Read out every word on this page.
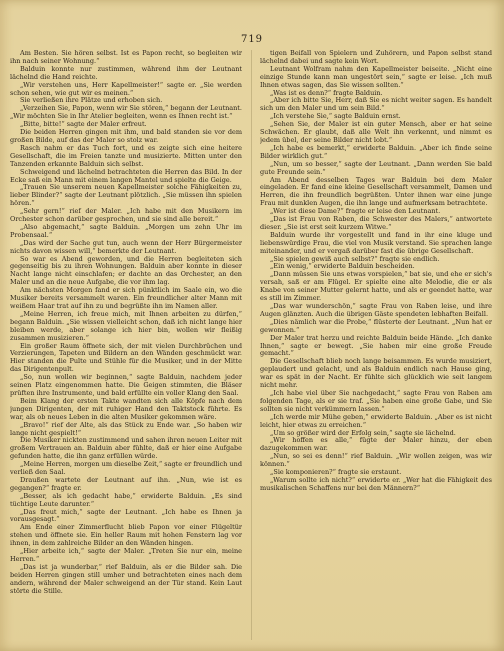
719

Am Besten. Sie hören selbst. Ist es Papon recht, so begleiten wir ihn nach seiner Wohnung.“

Balduin konnte nur zustimmen, während ihm der Leutnant lächelnd die Hand reichte.

„Wir verstehen uns, Herr Kapellmeister!“ sagte er. „Sie werden schon sehen, wie gut wir es meinen.“

Sie verließen ihre Plätze und erhoben sich.

„Verzeihen Sie, Papon, wenn wir Sie stören,“ begann der Leutnant. „Wir möchten Sie in Ihr Atelier begleiten, wenn es Ihnen recht ist.“

„Bitte, bitte!“ sagte der Maler erfreut.

Die beiden Herren gingen mit ihm, und bald standen sie vor dem großen Bilde, auf das der Maler so stolz war.

Rasch nahm er das Tuch fort, und es zeigte sich eine heitere Gesellschaft, die im Freien tanzte und musizierte. Mitten unter den Tanzenden erkannte Balduin sich selbst.

Schweigend und lächelnd betrachteten die Herren das Bild. In der Ecke saß ein Mann mit einem langen Mantel und spielte die Geige.

„Trauen Sie unserem neuen Kapellmeister solche Fähigkeiten zu, lieber Blinder?“ sagte der Leutnant plötzlich. „Sie müssen ihn spielen hören.“

„Sehr gern!“ rief der Maler. „Ich habe mit den Musikern im Orchester schon darüber gesprochen, und sie sind alle bereit.“

„Also abgemacht,“ sagte Balduin. „Morgen um zehn Uhr im Probensaal.“

„Das wird der Sache gut tun, auch wenn der Herr Bürgermeister nichts davon wissen will,“ bemerkte der Leutnant.

So war es Abend geworden, und die Herren begleiteten sich gegenseitig bis zu ihren Wohnungen. Balduin aber konnte in dieser Nacht lange nicht einschlafen; er dachte an das Orchester, an den Maler und an die neue Aufgabe, die vor ihm lag.

Am nächsten Morgen fand er sich pünktlich im Saale ein, wo die Musiker bereits versammelt waren. Ein freundlicher alter Mann mit weißem Haar trat auf ihn zu und begrüßte ihn im Namen aller.

„Meine Herren, ich freue mich, mit Ihnen arbeiten zu dürfen,“ begann Balduin. „Sie wissen vielleicht schon, daß ich nicht lange hier bleiben werde, aber solange ich hier bin, wollen wir fleißig zusammen musizieren.“

Ein großer Raum öffnete sich, der mit vielen Durchbrüchen und Verzierungen, Tapeten und Bildern an den Wänden geschmückt war. Hier standen die Pulte und Stühle für die Musiker, und in der Mitte das Dirigentenpult.

„So, nun wollen wir beginnen,“ sagte Balduin, nachdem jeder seinen Platz eingenommen hatte. Die Geigen stimmten, die Bläser prüften ihre Instrumente, und bald erfüllte ein voller Klang den Saal.

Beim Klang der ersten Takte wandten sich alle Köpfe nach dem jungen Dirigenten, der mit ruhiger Hand den Taktstock führte. Es war, als ob neues Leben in die alten Musiker gekommen wäre.

„Bravo!“ rief der Alte, als das Stück zu Ende war. „So haben wir lange nicht gespielt!“

Die Musiker nickten zustimmend und sahen ihren neuen Leiter mit großem Vertrauen an. Balduin aber fühlte, daß er hier eine Aufgabe gefunden hatte, die ihn ganz erfüllen würde.

„Meine Herren, morgen um dieselbe Zeit,“ sagte er freundlich und verließ den Saal.

Draußen wartete der Leutnant auf ihn. „Nun, wie ist es gegangen?“ fragte er.

„Besser, als ich gedacht habe,“ erwiderte Balduin. „Es sind tüchtige Leute darunter.“

„Das freut mich,“ sagte der Leutnant. „Ich habe es Ihnen ja vorausgesagt.“

Am Ende einer Zimmerflucht blieb Papon vor einer Flügeltür stehen und öffnete sie. Ein heller Raum mit hohen Fenstern lag vor ihnen, in dem zahlreiche Bilder an den Wänden hingen.

„Hier arbeite ich,“ sagte der Maler. „Treten Sie nur ein, meine Herren.“

„Das ist ja wunderbar,“ rief Balduin, als er die Bilder sah. Die beiden Herren gingen still umher und betrachteten eines nach dem andern, während der Maler schweigend an der Tür stand. Kein Laut störte die Stille.

tigen Beifall von Spielern und Zuhörern, und Papon selbst stand lächelnd dabei und sagte kein Wort.

Leutnant Wolfram nahm den Kapellmeister beiseite. „Nicht eine einzige Stunde kann man ungestört sein,“ sagte er leise. „Ich muß Ihnen etwas sagen, das Sie wissen sollten.“

„Was ist es denn?“ fragte Balduin.

„Aber ich bitte Sie, Herr, daß Sie es nicht weiter sagen. Es handelt sich um den Maler und um sein Bild.“

„Ich verstehe Sie,“ sagte Balduin ernst.

„Sehen Sie, der Maler ist ein guter Mensch, aber er hat seine Schwächen. Er glaubt, daß alle Welt ihn verkennt, und nimmt es jedem übel, der seine Bilder nicht lobt.“

„Ich habe es bemerkt,“ erwiderte Balduin. „Aber ich finde seine Bilder wirklich gut.“

„Nun, um so besser,“ sagte der Leutnant. „Dann werden Sie bald gute Freunde sein.“

Am Abend desselben Tages war Balduin bei dem Maler eingeladen. Er fand eine kleine Gesellschaft versammelt, Damen und Herren, die ihn freundlich begrüßten. Unter ihnen war eine junge Frau mit dunklen Augen, die ihn lange und aufmerksam betrachtete.

„Wer ist diese Dame?“ fragte er leise den Leutnant.

„Das ist Frau von Raben, die Schwester des Malers,“ antwortete dieser. „Sie ist erst seit kurzem Witwe.“

Balduin wurde ihr vorgestellt und fand in ihr eine kluge und liebenswürdige Frau, die viel von Musik verstand. Sie sprachen lange miteinander, und er vergaß darüber fast die übrige Gesellschaft.

„Sie spielen gewiß auch selbst?“ fragte sie endlich.

„Ein wenig,“ erwiderte Balduin bescheiden.

„Dann müssen Sie uns etwas vorspielen,“ bat sie, und ehe er sich's versah, saß er am Flügel. Er spielte eine alte Melodie, die er als Knabe von seiner Mutter gelernt hatte, und als er geendet hatte, war es still im Zimmer.

„Das war wunderschön,“ sagte Frau von Raben leise, und ihre Augen glänzten. Auch die übrigen Gäste spendeten lebhaften Beifall.

„Dies nämlich war die Probe,“ flüsterte der Leutnant. „Nun hat er gewonnen.“

Der Maler trat herzu und reichte Balduin beide Hände. „Ich danke Ihnen,“ sagte er bewegt. „Sie haben mir eine große Freude gemacht.“

Die Gesellschaft blieb noch lange beisammen. Es wurde musiziert, geplaudert und gelacht, und als Balduin endlich nach Hause ging, war es spät in der Nacht. Er fühlte sich glücklich wie seit langem nicht mehr.

„Ich habe viel über Sie nachgedacht,“ sagte Frau von Raben am folgenden Tage, als er sie traf. „Sie haben eine große Gabe, und Sie sollten sie nicht verkümmern lassen.“

„Ich werde mir Mühe geben,“ erwiderte Balduin. „Aber es ist nicht leicht, hier etwas zu erreichen.“

„Um so größer wird der Erfolg sein,“ sagte sie lächelnd.

„Wir hoffen es alle,“ fügte der Maler hinzu, der eben dazugekommen war.

„Nun, so sei es denn!“ rief Balduin. „Wir wollen zeigen, was wir können.“

„Sie komponieren?“ fragte sie erstaunt.

„Warum sollte ich nicht?“ erwiderte er. „Wer hat die Fähigkeit des musikalischen Schaffens nur bei den Männern?“
